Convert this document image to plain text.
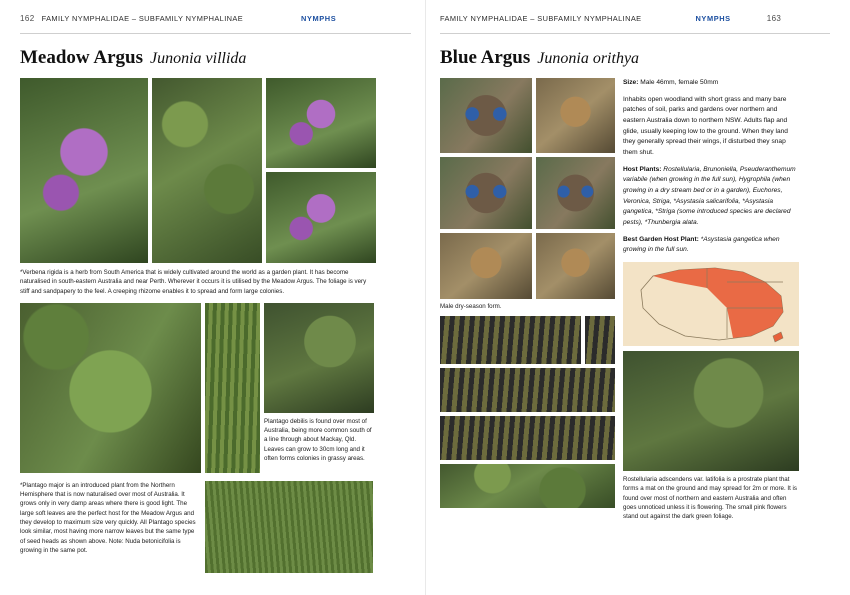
162 FAMILY NYMPHALIDAE – SUBFAMILY NYMPHALINAE	NYMPHS
Meadow Argus Junonia villida
*Verbena rigida is a herb from South America that is widely cultivated around the world as a garden plant. It has become naturalised in south-eastern Australia and near Perth. Wherever it occurs it is utilised by the Meadow Argus. The foliage is very stiff and sandpapery to the feel. A creeping rhizome enables it to spread and form large colonies.
Plantago debilis is found over most of Australia, being more common south of a line through about Mackay, Qld. Leaves can grow to 30cm long and it often forms colonies in grassy areas.
*Plantago major is an introduced plant from the Northern Hemisphere that is now naturalised over most of Australia. It grows only in very damp areas where there is good light. The large soft leaves are the perfect host for the Meadow Argus and they develop to maximum size very quickly. All Plantago species look similar, most having more narrow leaves but the same type of seed heads as shown above. Note: Nuda betonicifolia is growing in the same pot.
FAMILY NYMPHALIDAE – SUBFAMILY NYMPHALINAE	NYMPHS	163
Blue Argus Junonia orithya
Male dry-season form.

Size: Male 46mm, female 50mm

Inhabits open woodland with short grass and many bare patches of soil, parks and gardens over northern and eastern Australia down to northern NSW. Adults flap and glide, usually keeping low to the ground. When they land they generally spread their wings, if disturbed they snap them shut.

Host Plants: Rostellularia, Brunoniella, Pseuderanthemum variabile (when growing in the full sun), Hygrophila (when growing in a dry stream bed or in a garden), Euchores, Veronica, Striga, *Asystasia salicarifolia, *Asystasia gangetica, *Striga (some introduced species are declared pests), *Thunbergia alata.

Best Garden Host Plant: *Asystasia gangetica when growing in the full sun.

Rostellularia adscendens var. latifolia is a prostrate plant that forms a mat on the ground and may spread for 2m or more. It is found over most of northern and eastern Australia and often goes unnoticed unless it is flowering. The small pink flowers stand out against the dark green foliage.
